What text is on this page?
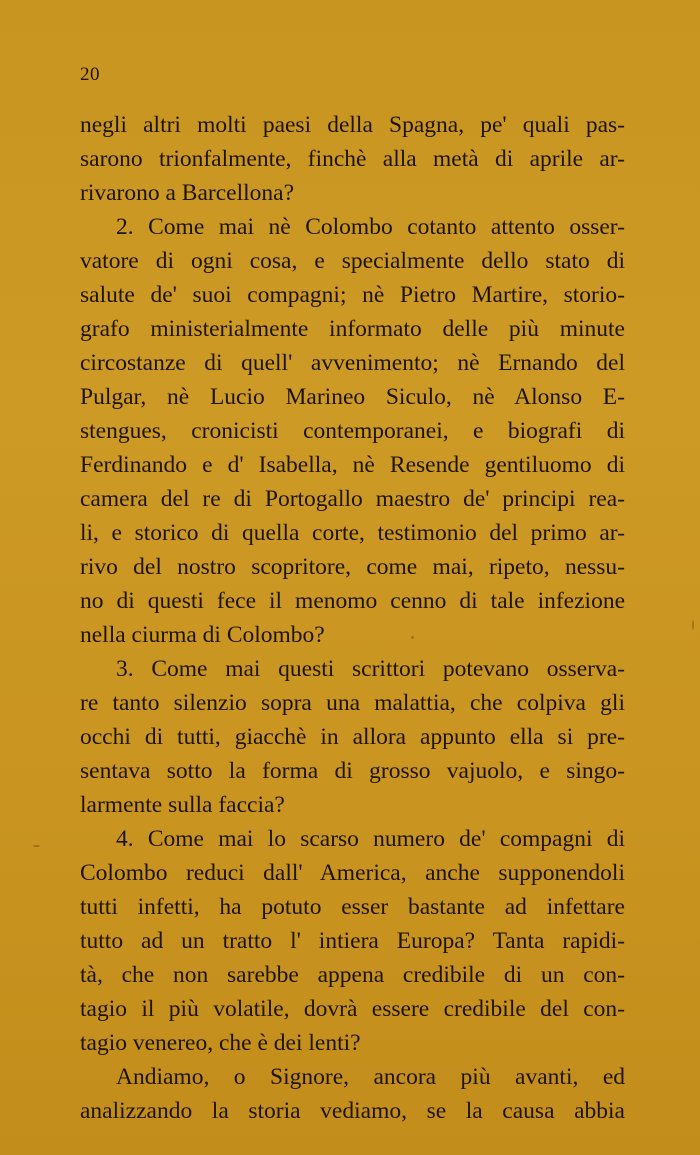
20
negli altri molti paesi della Spagna, pe' quali pas-
sarono trionfalmente, finchè alla metà di aprile ar-
rivarono a Barcellona?
2. Come mai nè Colombo cotanto attento osser-
vatore di ogni cosa, e specialmente dello stato di
salute de' suoi compagni; nè Pietro Martire, storio-
grafo ministerialmente informato delle più minute
circostanze di quell' avvenimento; nè Ernando del
Pulgar, nè Lucio Marineo Siculo, nè Alonso E-
stengues, cronicisti contemporanei, e biografi di
Ferdinando e d' Isabella, nè Resende gentiluomo di
camera del re di Portogallo maestro de' principi rea-
li, e storico di quella corte, testimonio del primo ar-
rivo del nostro scopritore, come mai, ripeto, nessu-
no di questi fece il menomo cenno di tale infezione
nella ciurma di Colombo?
3. Come mai questi scrittori potevano osserva-
re tanto silenzio sopra una malattia, che colpiva gli
occhi di tutti, giacchè in allora appunto ella si pre-
sentava sotto la forma di grosso vajuolo, e singo-
larmente sulla faccia?
4. Come mai lo scarso numero de' compagni di
Colombo reduci dall' America, anche supponendoli
tutti infetti, ha potuto esser bastante ad infettare
tutto ad un tratto l' intiera Europa? Tanta rapidi-
tà, che non sarebbe appena credibile di un con-
tagio il più volatile, dovrà essere credibile del con-
tagio venereo, che è dei lenti?
Andiamo, o Signore, ancora più avanti, ed
analizzando la storia vediamo, se la causa abbia
